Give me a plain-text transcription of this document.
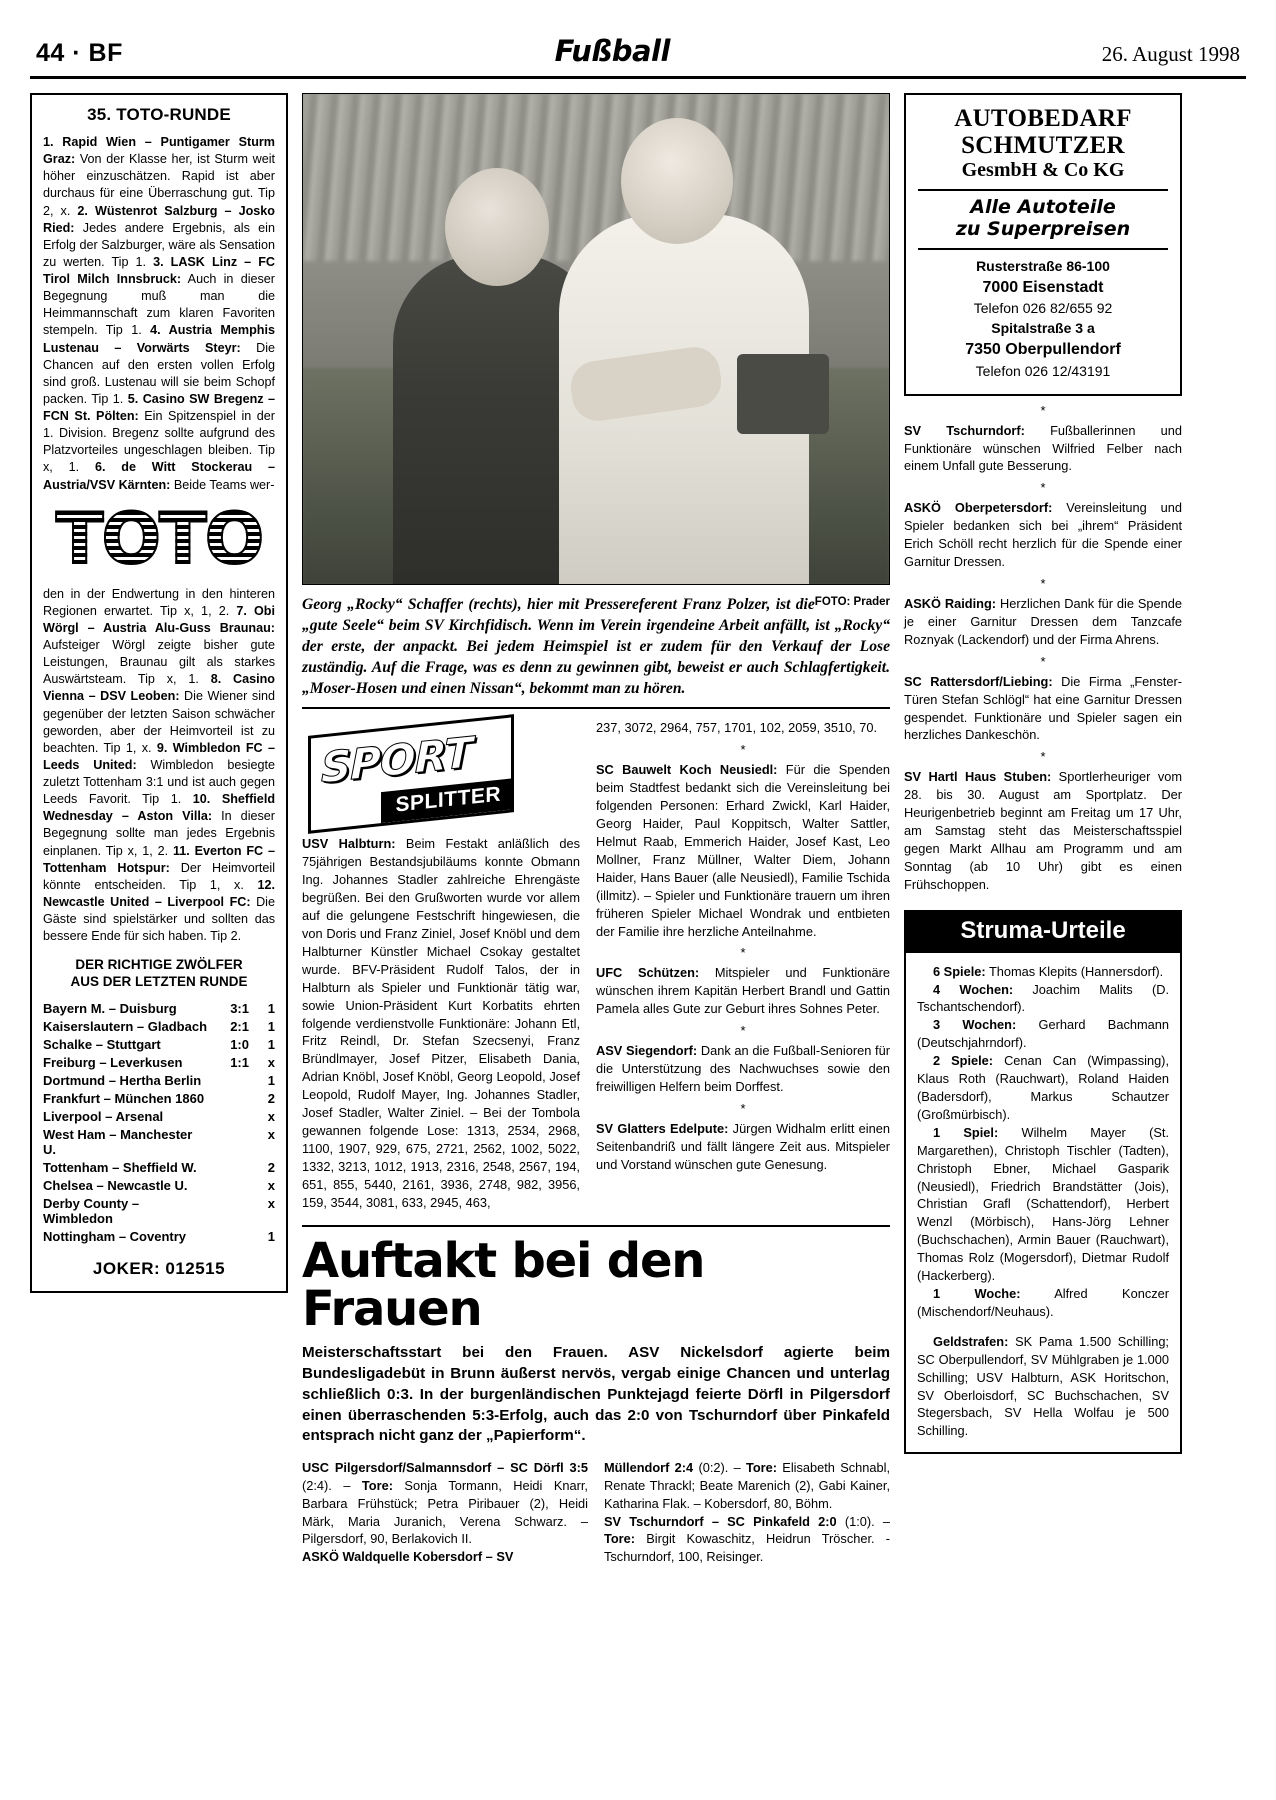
44 · BF	Fußball	26. August 1998
35. TOTO-RUNDE
1. Rapid Wien – Puntigamer Sturm Graz: Von der Klasse her, ist Sturm weit höher einzuschätzen. Rapid ist aber durchaus für eine Überraschung gut. Tip 2, x. 2. Wüstenrot Salzburg – Josko Ried: Jedes andere Ergebnis, als ein Erfolg der Salzburger, wäre als Sensation zu werten. Tip 1. 3. LASK Linz – FC Tirol Milch Innsbruck: Auch in dieser Begegnung muß man die Heimmannschaft zum klaren Favoriten stempeln. Tip 1. 4. Austria Memphis Lustenau – Vorwärts Steyr: Die Chancen auf den ersten vollen Erfolg sind groß. Lustenau will sie beim Schopf packen. Tip 1. 5. Casino SW Bregenz – FCN St. Pölten: Ein Spitzenspiel in der 1. Division. Bregenz sollte aufgrund des Platzvorteiles ungeschlagen bleiben. Tip x, 1. 6. de Witt Stockerau – Austria/VSV Kärnten: Beide Teams wer-
TOTO
den in der Endwertung in den hinteren Regionen erwartet. Tip x, 1, 2. 7. Obi Wörgl – Austria Alu-Guss Braunau: Aufsteiger Wörgl zeigte bisher gute Leistungen, Braunau gilt als starkes Auswärtsteam. Tip x, 1. 8. Casino Vienna – DSV Leoben: Die Wiener sind gegenüber der letzten Saison schwächer geworden, aber der Heimvorteil ist zu beachten. Tip 1, x. 9. Wimbledon FC – Leeds United: Wimbledon besiegte zuletzt Tottenham 3:1 und ist auch gegen Leeds Favorit. Tip 1. 10. Sheffield Wednesday – Aston Villa: In dieser Begegnung sollte man jedes Ergebnis einplanen. Tip x, 1, 2. 11. Everton FC – Tottenham Hotspur: Der Heimvorteil könnte entscheiden. Tip 1, x. 12. Newcastle United – Liverpool FC: Die Gäste sind spielstärker und sollten das bessere Ende für sich haben. Tip 2.
DER RICHTIGE ZWÖLFER
AUS DER LETZTEN RUNDE
Bayern M. – Duisburg	3:1	1
Kaiserslautern – Gladbach	2:1	1
Schalke – Stuttgart	1:0	1
Freiburg – Leverkusen	1:1	x
Dortmund – Hertha Berlin		1
Frankfurt – München 1860		2
Liverpool – Arsenal		x
West Ham – Manchester U.		x
Tottenham – Sheffield W.		2
Chelsea – Newcastle U.		x
Derby County – Wimbledon		x
Nottingham – Coventry		1
JOKER: 012515
FOTO: Prader
Georg „Rocky“ Schaffer (rechts), hier mit Pressereferent Franz Polzer, ist die „gute Seele“ beim SV Kirchfidisch. Wenn im Verein irgendeine Arbeit anfällt, ist „Rocky“ der erste, der anpackt. Bei jedem Heimspiel ist er zudem für den Verkauf der Lose zuständig. Auf die Frage, was es denn zu gewinnen gibt, beweist er auch Schlagfertigkeit. „Moser-Hosen und einen Nissan“, bekommt man zu hören.
SPORT
SPLITTER
USV Halbturn: Beim Festakt anläßlich des 75jährigen Bestandsjubiläums konnte Obmann Ing. Johannes Stadler zahlreiche Ehrengäste begrüßen. Bei den Grußworten wurde vor allem auf die gelungene Festschrift hingewiesen, die von Doris und Franz Ziniel, Josef Knöbl und dem Halbturner Künstler Michael Csokay gestaltet wurde. BFV-Präsident Rudolf Talos, der in Halbturn als Spieler und Funktionär tätig war, sowie Union-Präsident Kurt Korbatits ehrten folgende verdienstvolle Funktionäre: Johann Etl, Fritz Reindl, Dr. Stefan Szecsenyi, Franz Bründlmayer, Josef Pitzer, Elisabeth Dania, Adrian Knöbl, Josef Knöbl, Georg Leopold, Josef Leopold, Rudolf Mayer, Ing. Johannes Stadler, Josef Stadler, Walter Ziniel. – Bei der Tombola gewannen folgende Lose: 1313, 2534, 2968, 1100, 1907, 929, 675, 2721, 2562, 1002, 5022, 1332, 3213, 1012, 1913, 2316, 2548, 2567, 194, 651, 855, 5440, 2161, 3936, 2748, 982, 3956, 159, 3544, 3081, 633, 2945, 463,
237, 3072, 2964, 757, 1701, 102, 2059, 3510, 70.
*
SC Bauwelt Koch Neusiedl: Für die Spenden beim Stadtfest bedankt sich die Vereinsleitung bei folgenden Personen: Erhard Zwickl, Karl Haider, Georg Haider, Paul Koppitsch, Walter Sattler, Helmut Raab, Emmerich Haider, Josef Kast, Leo Mollner, Franz Müllner, Walter Diem, Johann Haider, Hans Bauer (alle Neusiedl), Familie Tschida (illmitz). – Spieler und Funktionäre trauern um ihren früheren Spieler Michael Wondrak und entbieten der Familie ihre herzliche Anteilnahme.
*
UFC Schützen: Mitspieler und Funktionäre wünschen ihrem Kapitän Herbert Brandl und Gattin Pamela alles Gute zur Geburt ihres Sohnes Peter.
*
ASV Siegendorf: Dank an die Fußball-Senioren für die Unterstützung des Nachwuchses sowie den freiwilligen Helfern beim Dorffest.
*
SV Glatters Edelpute: Jürgen Widhalm erlitt einen Seitenbandriß und fällt längere Zeit aus. Mitspieler und Vorstand wünschen gute Genesung.
Auftakt bei den Frauen
Meisterschaftsstart bei den Frauen. ASV Nickelsdorf agierte beim Bundesligadebüt in Brunn äußerst nervös, vergab einige Chancen und unterlag schließlich 0:3. In der burgenländischen Punktejagd feierte Dörfl in Pilgersdorf einen überraschenden 5:3-Erfolg, auch das 2:0 von Tschurndorf über Pinkafeld entsprach nicht ganz der „Papierform“.
USC Pilgersdorf/Salmannsdorf – SC Dörfl 3:5 (2:4). – Tore: Sonja Tormann, Heidi Knarr, Barbara Frühstück; Petra Piribauer (2), Heidi Märk, Maria Juranich, Verena Schwarz. – Pilgersdorf, 90, Berlakovich II.
ASKÖ Waldquelle Kobersdorf – SV
Müllendorf 2:4 (0:2). – Tore: Elisabeth Schnabl, Renate Thrackl; Beate Marenich (2), Gabi Kainer, Katharina Flak. – Kobersdorf, 80, Böhm.
SV Tschurndorf – SC Pinkafeld 2:0 (1:0). – Tore: Birgit Kowaschitz, Heidrun Tröscher. - Tschurndorf, 100, Reisinger.
AUTOBEDARF
SCHMUTZER
GesmbH & Co KG
Alle Autoteile
zu Superpreisen
Rusterstraße 86-100
7000 Eisenstadt
Telefon 026 82/655 92
Spitalstraße 3 a
7350 Oberpullendorf
Telefon 026 12/43191
*
SV Tschurndorf: Fußballerinnen und Funktionäre wünschen Wilfried Felber nach einem Unfall gute Besserung.
*
ASKÖ Oberpetersdorf: Vereinsleitung und Spieler bedanken sich bei „ihrem“ Präsident Erich Schöll recht herzlich für die Spende einer Garnitur Dressen.
*
ASKÖ Raiding: Herzlichen Dank für die Spende je einer Garnitur Dressen dem Tanzcafe Roznyak (Lackendorf) und der Firma Ahrens.
*
SC Rattersdorf/Liebing: Die Firma „Fenster-Türen Stefan Schlögl“ hat eine Garnitur Dressen gespendet. Funktionäre und Spieler sagen ein herzliches Dankeschön.
*
SV Hartl Haus Stuben: Sportlerheuriger vom 28. bis 30. August am Sportplatz. Der Heurigenbetrieb beginnt am Freitag um 17 Uhr, am Samstag steht das Meisterschaftsspiel gegen Markt Allhau am Programm und am Sonntag (ab 10 Uhr) gibt es einen Frühschoppen.
Struma-Urteile
6 Spiele: Thomas Klepits (Hannersdorf).
4 Wochen: Joachim Malits (D. Tschantschendorf).
3 Wochen: Gerhard Bachmann (Deutschjahrndorf).
2 Spiele: Cenan Can (Wimpassing), Klaus Roth (Rauchwart), Roland Haiden (Badersdorf), Markus Schautzer (Großmürbisch).
1 Spiel: Wilhelm Mayer (St. Margarethen), Christoph Tischler (Tadten), Christoph Ebner, Michael Gasparik (Neusiedl), Friedrich Brandstätter (Jois), Christian Grafl (Schattendorf), Herbert Wenzl (Mörbisch), Hans-Jörg Lehner (Buchschachen), Armin Bauer (Rauchwart), Thomas Rolz (Mogersdorf), Dietmar Rudolf (Hackerberg).
1 Woche: Alfred Konczer (Mischendorf/Neuhaus).
Geldstrafen: SK Pama 1.500 Schilling; SC Oberpullendorf, SV Mühlgraben je 1.000 Schilling; USV Halbturn, ASK Horitschon, SV Oberloisdorf, SC Buchschachen, SV Stegersbach, SV Hella Wolfau je 500 Schilling.
